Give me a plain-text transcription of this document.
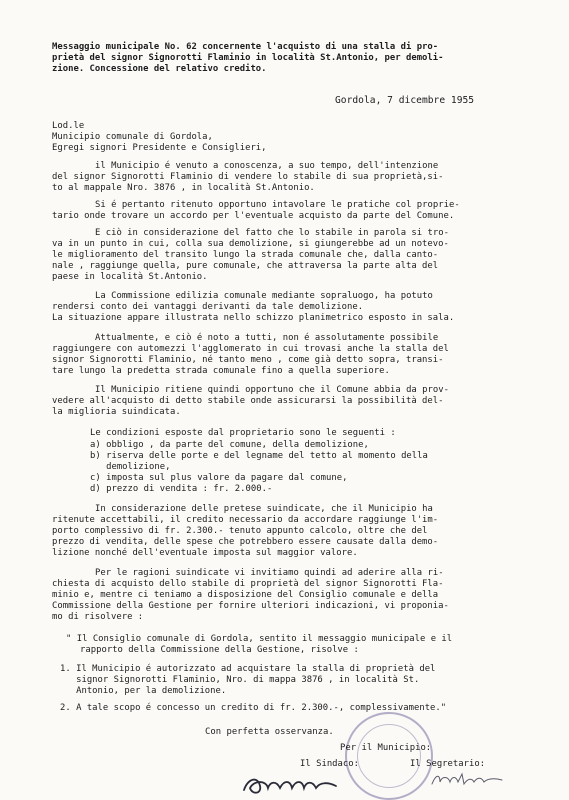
Messaggio municipale No. 62 concernente l'acquisto di una stalla di pro-
prietà del signor Signorotti Flaminio in località St.Antonio, per demoli-
zione. Concessione del relativo credito.
Gordola, 7 dicembre 1955
Lod.le
Municipio comunale di Gordola,
Egregi signori Presidente e Consiglieri,
il Municipio é venuto a conoscenza, a suo tempo, dell'intenzione
del signor Signorotti Flaminio di vendere lo stabile di sua proprietà,si-
to al mappale Nro. 3876 , in località St.Antonio.
Si é pertanto ritenuto opportuno intavolare le pratiche col proprie-
tario onde trovare un accordo per l'eventuale acquisto da parte del Comune.
E ciò in considerazione del fatto che lo stabile in parola si tro-
va in un punto in cui, colla sua demolizione, si giungerebbe ad un notevo-
le miglioramento del transito lungo la strada comunale che, dalla canto-
nale , raggiunge quella, pure comunale, che attraversa la parte alta del
paese in località St.Antonio.
La Commissione edilizia comunale mediante sopraluogo, ha potuto
rendersi conto dei vantaggi derivanti da tale demolizione.
La situazione appare illustrata nello schizzo planimetrico esposto in sala.
Attualmente, e ciò é noto a tutti, non é assolutamente possibile
raggiungere con automezzi l'agglomerato in cui trovasi anche la stalla del
signor Signorotti Flaminio, né tanto meno , come già detto sopra, transi-
tare lungo la predetta strada comunale fino a quella superiore.
Il Municipio ritiene quindi opportuno che il Comune abbia da prov-
vedere all'acquisto di detto stabile onde assicurarsi la possibilità del-
la miglioria suindicata.
Le condizioni esposte dal proprietario sono le seguenti :
a) obbligo , da parte del comune, della demolizione,
b) riserva delle porte e del legname del tetto al momento della
demolizione,
c) imposta sul plus valore da pagare dal comune,
d) prezzo di vendita : fr. 2.000.-
In considerazione delle pretese suindicate, che il Municipio ha
ritenute accettabili, il credito necessario da accordare raggiunge l'im-
porto complessivo di fr. 2.300.- tenuto appunto calcolo, oltre che del
prezzo di vendita, delle spese che potrebbero essere causate dalla demo-
lizione nonché dell'eventuale imposta sul maggior valore.
Per le ragioni suindicate vi invitiamo quindi ad aderire alla ri-
chiesta di acquisto dello stabile di proprietà del signor Signorotti Fla-
minio e, mentre ci teniamo a disposizione del Consiglio comunale e della
Commissione della Gestione per fornire ulteriori indicazioni, vi proponia-
mo di risolvere :
" Il Consiglio comunale di Gordola, sentito il messaggio municipale e il
rapporto della Commissione della Gestione, risolve :
1. Il Municipio é autorizzato ad acquistare la stalla di proprietà del
signor Signorotti Flaminio, Nro. di mappa 3876 , in località St.
Antonio, per la demolizione.
2. A tale scopo é concesso un credito di fr. 2.300.-, complessivamente."
Con perfetta osservanza.
Per il Municipio:
Il Sindaco:	Il Segretario:
